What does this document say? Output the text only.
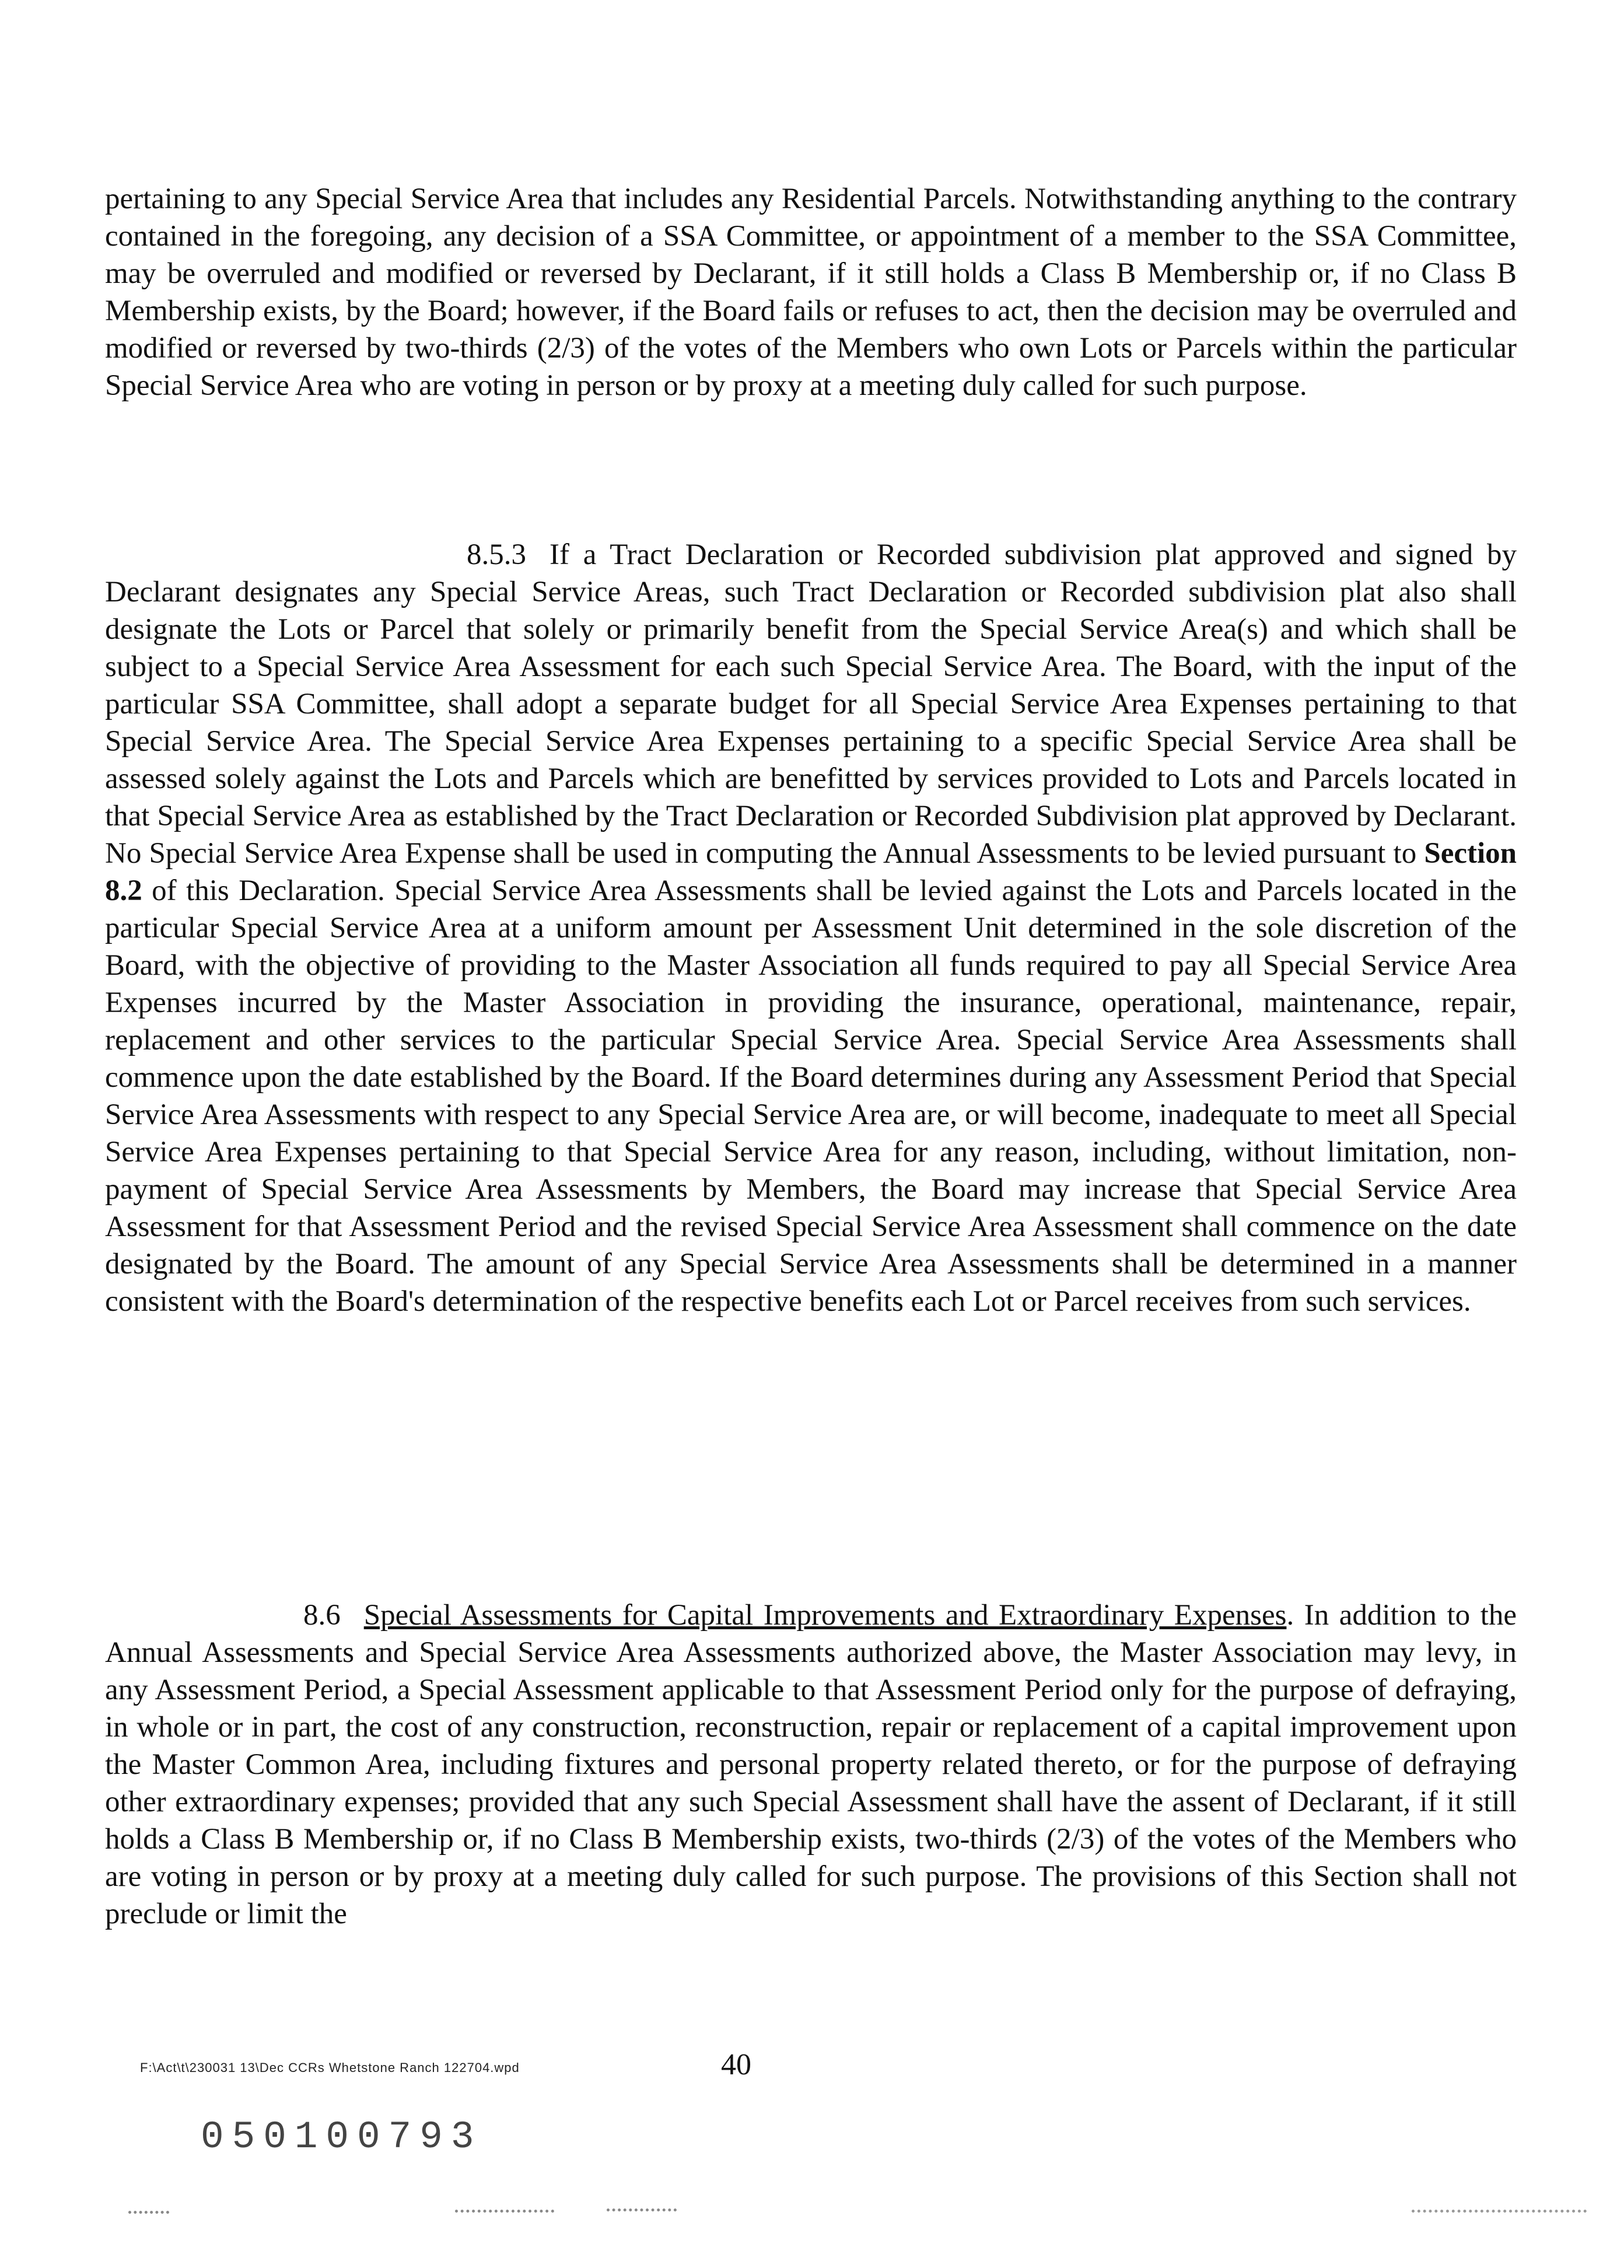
pertaining to any Special Service Area that includes any Residential Parcels. Notwithstanding anything to the contrary contained in the foregoing, any decision of a SSA Committee, or appointment of a member to the SSA Committee, may be overruled and modified or reversed by Declarant, if it still holds a Class B Membership or, if no Class B Membership exists, by the Board; however, if the Board fails or refuses to act, then the decision may be overruled and modified or reversed by two-thirds (2/3) of the votes of the Members who own Lots or Parcels within the particular Special Service Area who are voting in person or by proxy at a meeting duly called for such purpose.

8.5.3 If a Tract Declaration or Recorded subdivision plat approved and signed by Declarant designates any Special Service Areas, such Tract Declaration or Recorded subdivision plat also shall designate the Lots or Parcel that solely or primarily benefit from the Special Service Area(s) and which shall be subject to a Special Service Area Assessment for each such Special Service Area. The Board, with the input of the particular SSA Committee, shall adopt a separate budget for all Special Service Area Expenses pertaining to that Special Service Area. The Special Service Area Expenses pertaining to a specific Special Service Area shall be assessed solely against the Lots and Parcels which are benefitted by services provided to Lots and Parcels located in that Special Service Area as established by the Tract Declaration or Recorded Subdivision plat approved by Declarant. No Special Service Area Expense shall be used in computing the Annual Assessments to be levied pursuant to Section 8.2 of this Declaration. Special Service Area Assessments shall be levied against the Lots and Parcels located in the particular Special Service Area at a uniform amount per Assessment Unit determined in the sole discretion of the Board, with the objective of providing to the Master Association all funds required to pay all Special Service Area Expenses incurred by the Master Association in providing the insurance, operational, maintenance, repair, replacement and other services to the particular Special Service Area. Special Service Area Assessments shall commence upon the date established by the Board. If the Board determines during any Assessment Period that Special Service Area Assessments with respect to any Special Service Area are, or will become, inadequate to meet all Special Service Area Expenses pertaining to that Special Service Area for any reason, including, without limitation, non-payment of Special Service Area Assessments by Members, the Board may increase that Special Service Area Assessment for that Assessment Period and the revised Special Service Area Assessment shall commence on the date designated by the Board. The amount of any Special Service Area Assessments shall be determined in a manner consistent with the Board's determination of the respective benefits each Lot or Parcel receives from such services.

8.6 Special Assessments for Capital Improvements and Extraordinary Expenses. In addition to the Annual Assessments and Special Service Area Assessments authorized above, the Master Association may levy, in any Assessment Period, a Special Assessment applicable to that Assessment Period only for the purpose of defraying, in whole or in part, the cost of any construction, reconstruction, repair or replacement of a capital improvement upon the Master Common Area, including fixtures and personal property related thereto, or for the purpose of defraying other extraordinary expenses; provided that any such Special Assessment shall have the assent of Declarant, if it still holds a Class B Membership or, if no Class B Membership exists, two-thirds (2/3) of the votes of the Members who are voting in person or by proxy at a meeting duly called for such purpose. The provisions of this Section shall not preclude or limit the

F:\Act\t\230031 13\Dec CCRs Whetstone Ranch 122704.wpd	40
050100793
